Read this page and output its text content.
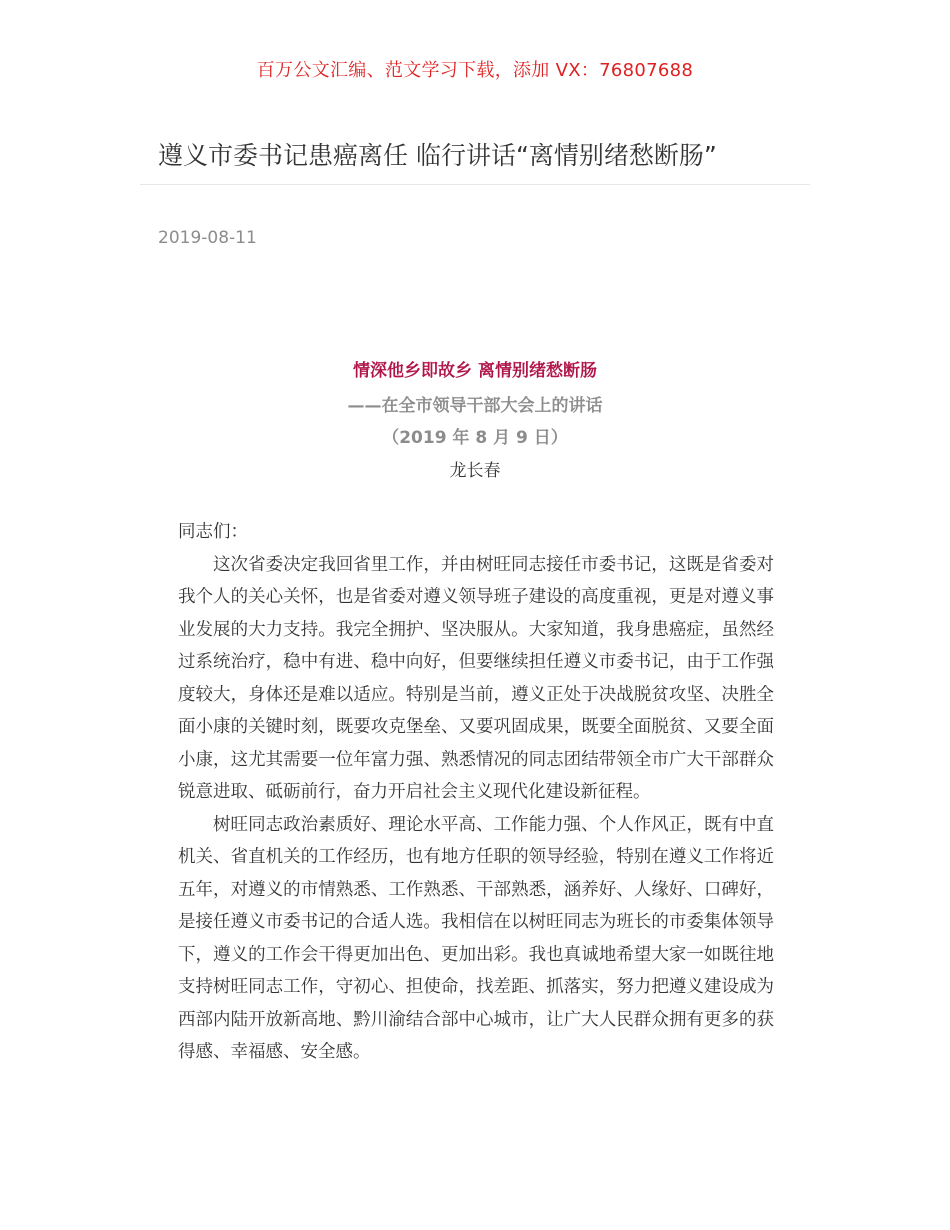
百万公文汇编、范文学习下载，添加 VX：76807688
遵义市委书记患癌离任 临行讲话“离情别绪愁断肠”
2019-08-11
情深他乡即故乡 离情别绪愁断肠
——在全市领导干部大会上的讲话
（2019 年 8 月 9 日）
龙长春

同志们：

这次省委决定我回省里工作，并由树旺同志接任市委书记，这既是省委对我个人的关心关怀，也是省委对遵义领导班子建设的高度重视，更是对遵义事业发展的大力支持。我完全拥护、坚决服从。大家知道，我身患癌症，虽然经过系统治疗，稳中有进、稳中向好，但要继续担任遵义市委书记，由于工作强度较大，身体还是难以适应。特别是当前，遵义正处于决战脱贫攻坚、决胜全面小康的关键时刻，既要攻克堡垒、又要巩固成果，既要全面脱贫、又要全面小康，这尤其需要一位年富力强、熟悉情况的同志团结带领全市广大干部群众锐意进取、砥砺前行，奋力开启社会主义现代化建设新征程。

树旺同志政治素质好、理论水平高、工作能力强、个人作风正，既有中直机关、省直机关的工作经历，也有地方任职的领导经验，特别在遵义工作将近五年，对遵义的市情熟悉、工作熟悉、干部熟悉，涵养好、人缘好、口碑好，是接任遵义市委书记的合适人选。我相信在以树旺同志为班长的市委集体领导下，遵义的工作会干得更加出色、更加出彩。我也真诚地希望大家一如既往地支持树旺同志工作，守初心、担使命，找差距、抓落实，努力把遵义建设成为西部内陆开放新高地、黔川渝结合部中心城市，让广大人民群众拥有更多的获得感、幸福感、安全感。
